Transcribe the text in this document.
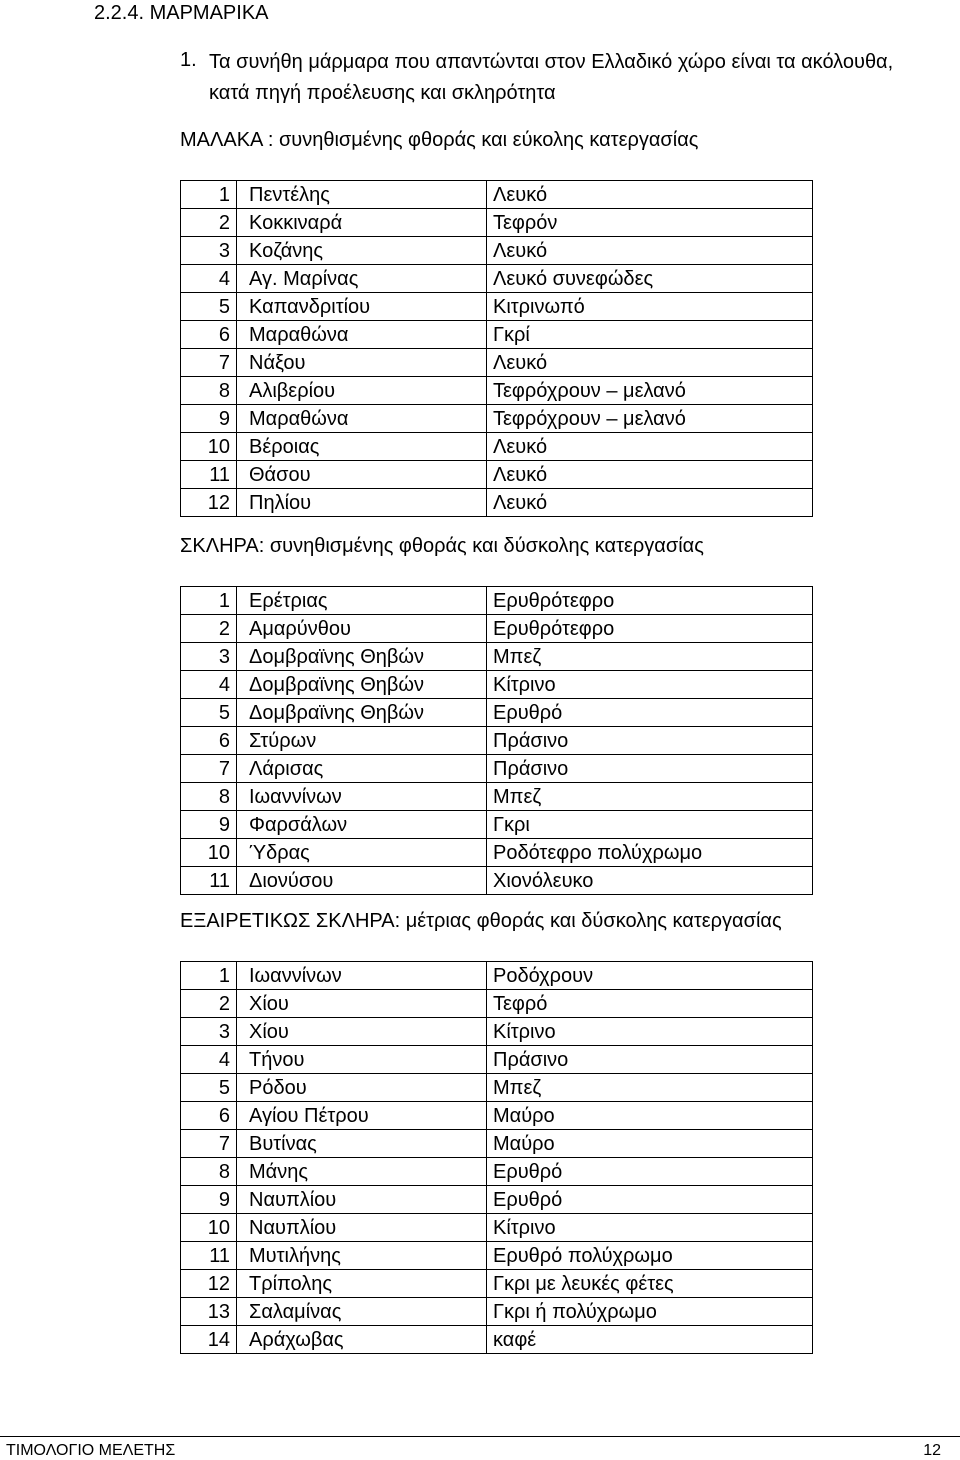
2.2.4. ΜΑΡΜΑΡΙΚΑ
1. Τα συνήθη μάρμαρα που απαντώνται στον Ελλαδικό χώρο είναι τα ακόλουθα, κατά πηγή προέλευσης και σκληρότητα
ΜΑΛΑΚΑ : συνηθισμένης φθοράς και εύκολης κατεργασίας
1	Πεντέλης	Λευκό
2	Κοκκιναρά	Τεφρόν
3	Κοζάνης	Λευκό
4	Αγ. Μαρίνας	Λευκό συνεφώδες
5	Καπανδριτίου	Κιτρινωπό
6	Μαραθώνα	Γκρί
7	Νάξου	Λευκό
8	Αλιβερίου	Τεφρόχρουν – μελανό
9	Μαραθώνα	Τεφρόχρουν – μελανό
10	Βέροιας	Λευκό
11	Θάσου	Λευκό
12	Πηλίου	Λευκό
ΣΚΛΗΡΑ: συνηθισμένης φθοράς και δύσκολης κατεργασίας
1	Ερέτριας	Ερυθρότεφρο
2	Αμαρύνθου	Ερυθρότεφρο
3	Δομβραϊνης Θηβών	Μπεζ
4	Δομβραϊνης Θηβών	Κίτρινο
5	Δομβραϊνης Θηβών	Ερυθρό
6	Στύρων	Πράσινο
7	Λάρισας	Πράσινο
8	Ιωαννίνων	Μπεζ
9	Φαρσάλων	Γκρι
10	Ύδρας	Ροδότεφρο πολύχρωμο
11	Διονύσου	Χιονόλευκο
ΕΞΑΙΡΕΤΙΚΩΣ ΣΚΛΗΡΑ: μέτριας φθοράς και δύσκολης κατεργασίας
1	Ιωαννίνων	Ροδόχρουν
2	Χίου	Τεφρό
3	Χίου	Κίτρινο
4	Τήνου	Πράσινο
5	Ρόδου	Μπεζ
6	Αγίου Πέτρου	Μαύρο
7	Βυτίνας	Μαύρο
8	Μάνης	Ερυθρό
9	Ναυπλίου	Ερυθρό
10	Ναυπλίου	Κίτρινο
11	Μυτιλήνης	Ερυθρό πολύχρωμο
12	Τρίπολης	Γκρι με λευκές φέτες
13	Σαλαμίνας	Γκρι ή πολύχρωμο
14	Αράχωβας	καφέ
ΤΙΜΟΛΟΓΙΟ ΜΕΛΕΤΗΣ	12
